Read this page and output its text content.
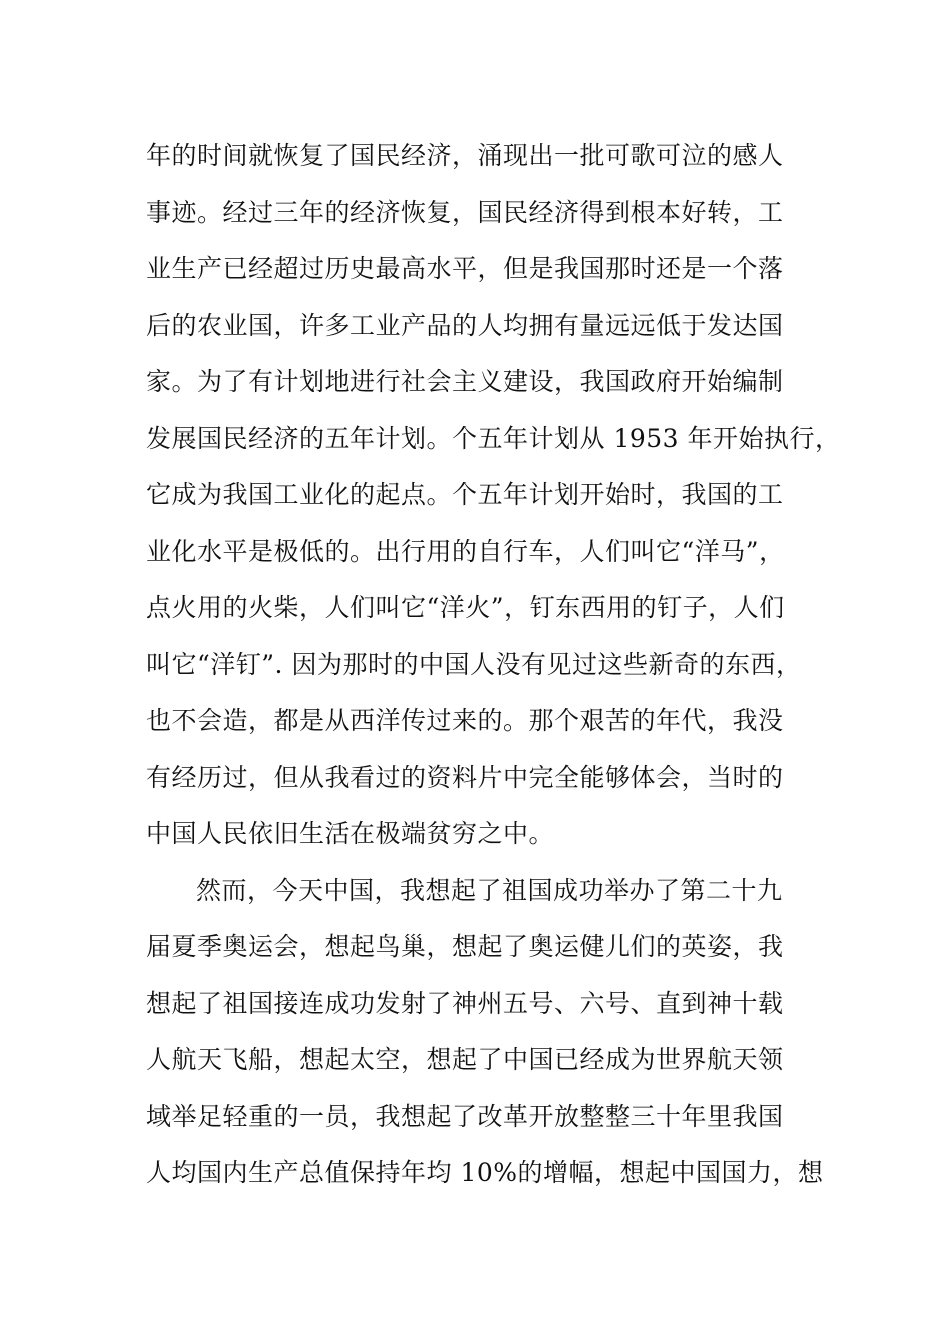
年的时间就恢复了国民经济，涌现出一批可歌可泣的感人
事迹。经过三年的经济恢复，国民经济得到根本好转，工
业生产已经超过历史最高水平，但是我国那时还是一个落
后的农业国，许多工业产品的人均拥有量远远低于发达国
家。为了有计划地进行社会主义建设，我国政府开始编制
发展国民经济的五年计划。个五年计划从 1953 年开始执行，
它成为我国工业化的起点。个五年计划开始时，我国的工
业化水平是极低的。出行用的自行车，人们叫它“洋马”，
点火用的火柴，人们叫它“洋火”，钉东西用的钉子，人们
叫它“洋钉”. 因为那时的中国人没有见过这些新奇的东西，
也不会造，都是从西洋传过来的。那个艰苦的年代，我没
有经历过，但从我看过的资料片中完全能够体会，当时的
中国人民依旧生活在极端贫穷之中。
然而，今天中国，我想起了祖国成功举办了第二十九
届夏季奥运会，想起鸟巢，想起了奥运健儿们的英姿，我
想起了祖国接连成功发射了神州五号、六号、直到神十载
人航天飞船，想起太空，想起了中国已经成为世界航天领
域举足轻重的一员，我想起了改革开放整整三十年里我国
人均国内生产总值保持年均 10%的增幅，想起中国国力，想
